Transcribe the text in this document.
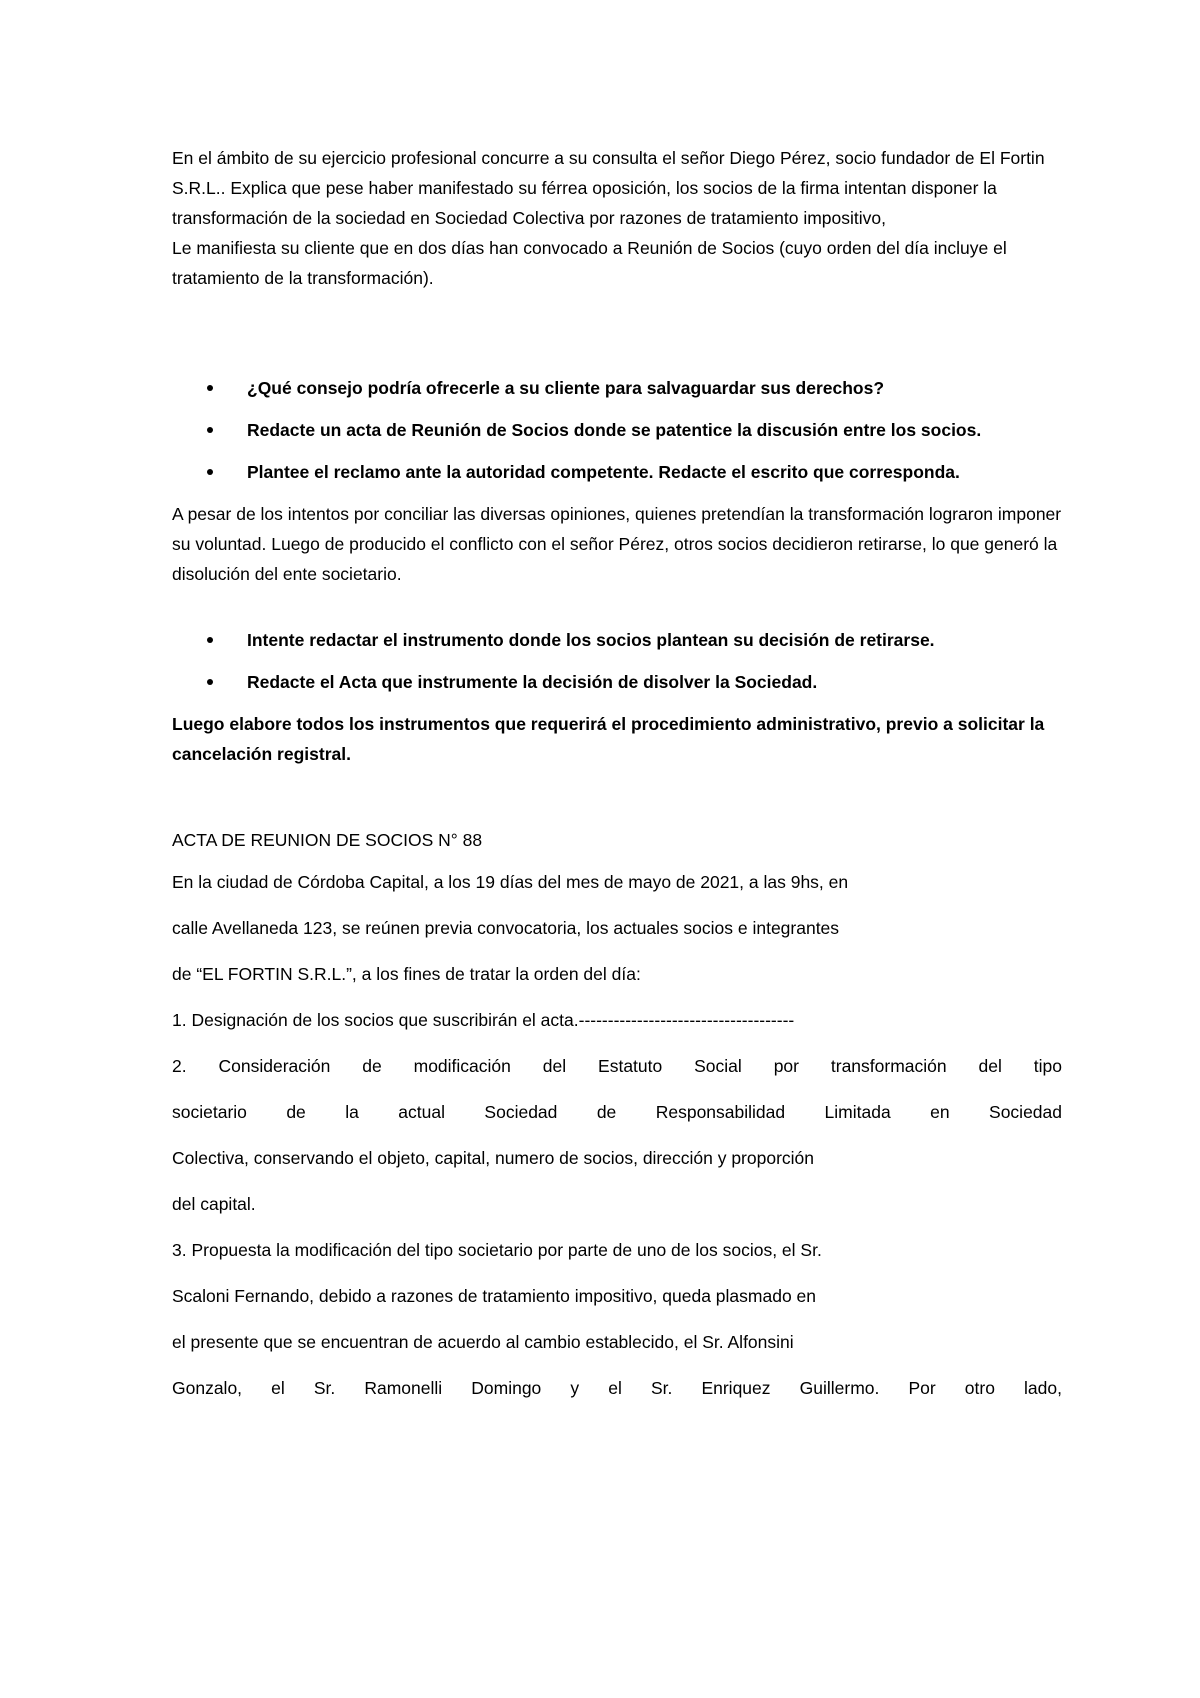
En el ámbito de su ejercicio profesional concurre a su consulta el señor Diego Pérez, socio fundador de El Fortin S.R.L.. Explica que pese haber manifestado su férrea oposición, los socios de la firma intentan disponer la transformación de la sociedad en Sociedad Colectiva por razones de tratamiento impositivo,

Le manifiesta su cliente que en dos días han convocado a Reunión de Socios (cuyo orden del día incluye el tratamiento de la transformación).

¿Qué consejo podría ofrecerle a su cliente para salvaguardar sus derechos?
Redacte un acta de Reunión de Socios donde se patentice la discusión entre los socios.
Plantee el reclamo ante la autoridad competente. Redacte el escrito que corresponda.

A pesar de los intentos por conciliar las diversas opiniones, quienes pretendían la transformación lograron imponer su voluntad. Luego de producido el conflicto con el señor Pérez, otros socios decidieron retirarse, lo que generó la disolución del ente societario.

Intente redactar el instrumento donde los socios plantean su decisión de retirarse.
Redacte el Acta que instrumente la decisión de disolver la Sociedad.

Luego elabore todos los instrumentos que requerirá el procedimiento administrativo, previo a solicitar la cancelación registral.

ACTA DE REUNION DE SOCIOS N° 88

En la ciudad de Córdoba Capital, a los 19 días del mes de mayo de 2021, a las 9hs, en

calle Avellaneda 123, se reúnen previa convocatoria, los actuales socios e integrantes

de “EL FORTIN S.R.L.”, a los fines de tratar la orden del día:

1. Designación de los socios que suscribirán el acta.-------------------------------------

2. Consideración de modificación del Estatuto Social por transformación del tipo

societario de la actual Sociedad de Responsabilidad Limitada en Sociedad

Colectiva, conservando el objeto, capital, numero de socios, dirección y proporción

del capital.

3. Propuesta la modificación del tipo societario por parte de uno de los socios, el Sr.

Scaloni Fernando, debido a razones de tratamiento impositivo, queda plasmado en

el presente que se encuentran de acuerdo al cambio establecido, el Sr. Alfonsini

Gonzalo, el Sr. Ramonelli Domingo y el Sr. Enriquez Guillermo. Por otro lado,
